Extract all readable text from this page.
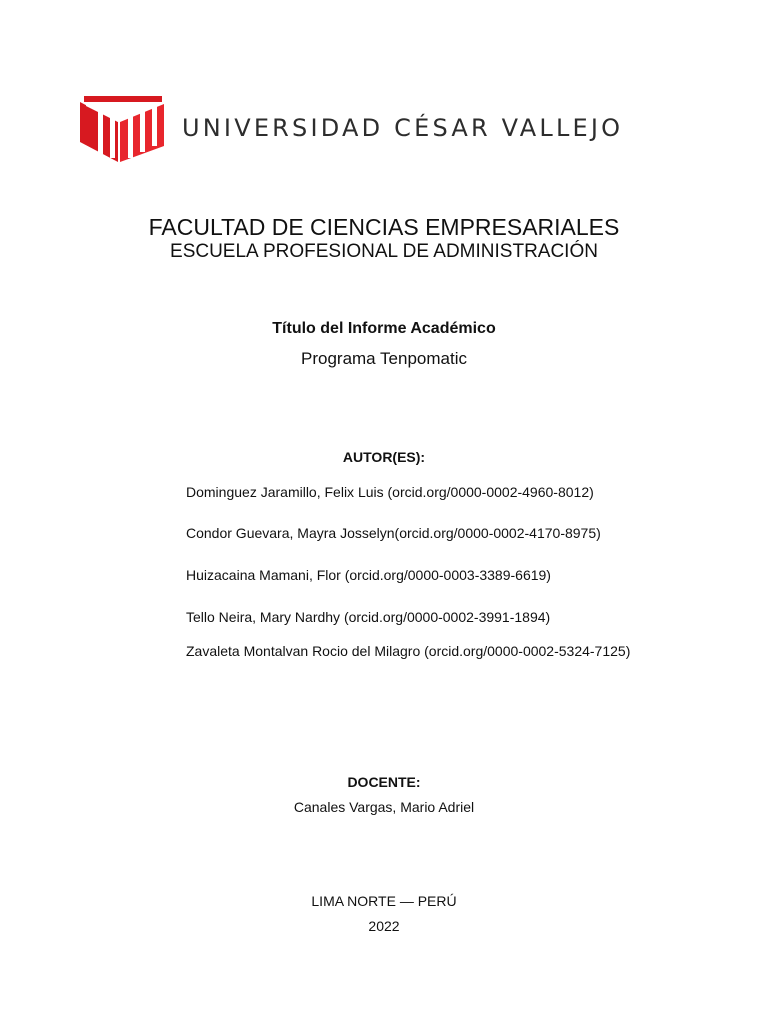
UNIVERSIDAD CÉSAR VALLEJO
FACULTAD DE CIENCIAS EMPRESARIALES
ESCUELA PROFESIONAL DE ADMINISTRACIÓN
Título del Informe Académico
Programa Tenpomatic
AUTOR(ES):
Dominguez Jaramillo, Felix Luis (orcid.org/0000-0002-4960-8012)
Condor Guevara, Mayra Josselyn(orcid.org/0000-0002-4170-8975)
Huizacaina Mamani, Flor (orcid.org/0000-0003-3389-6619)
Tello Neira, Mary Nardhy (orcid.org/0000-0002-3991-1894)
Zavaleta Montalvan Rocio del Milagro (orcid.org/0000-0002-5324-7125)
DOCENTE:
Canales Vargas, Mario Adriel
LIMA NORTE — PERÚ
2022
